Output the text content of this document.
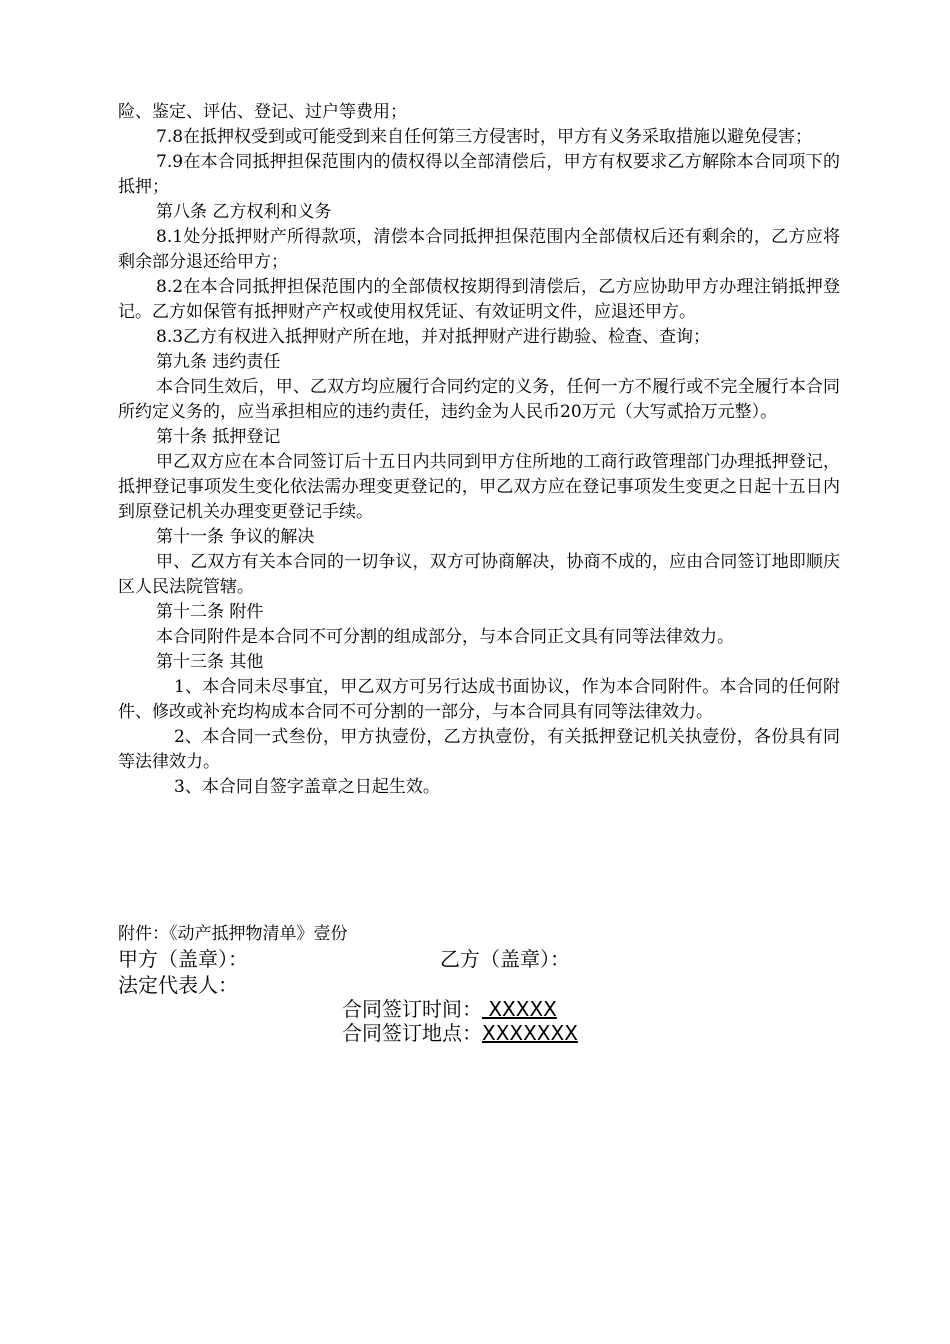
险、鉴定、评估、登记、过户等费用；

7.8在抵押权受到或可能受到来自任何第三方侵害时，甲方有义务采取措施以避免侵害；

7.9在本合同抵押担保范围内的债权得以全部清偿后，甲方有权要求乙方解除本合同项下的抵押；

第八条 乙方权利和义务

8.1处分抵押财产所得款项，清偿本合同抵押担保范围内全部债权后还有剩余的，乙方应将剩余部分退还给甲方；

8.2在本合同抵押担保范围内的全部债权按期得到清偿后，乙方应协助甲方办理注销抵押登记。乙方如保管有抵押财产产权或使用权凭证、有效证明文件，应退还甲方。

8.3乙方有权进入抵押财产所在地，并对抵押财产进行勘验、检查、查询；

第九条 违约责任

本合同生效后，甲、乙双方均应履行合同约定的义务，任何一方不履行或不完全履行本合同所约定义务的，应当承担相应的违约责任，违约金为人民币20万元（大写贰拾万元整）。

第十条 抵押登记

甲乙双方应在本合同签订后十五日内共同到甲方住所地的工商行政管理部门办理抵押登记，抵押登记事项发生变化依法需办理变更登记的，甲乙双方应在登记事项发生变更之日起十五日内到原登记机关办理变更登记手续。

第十一条 争议的解决

甲、乙双方有关本合同的一切争议，双方可协商解决，协商不成的，应由合同签订地即顺庆区人民法院管辖。

第十二条 附件

本合同附件是本合同不可分割的组成部分，与本合同正文具有同等法律效力。

第十三条 其他

1、本合同未尽事宜，甲乙双方可另行达成书面协议，作为本合同附件。本合同的任何附件、修改或补充均构成本合同不可分割的一部分，与本合同具有同等法律效力。

2、本合同一式叁份，甲方执壹份，乙方执壹份，有关抵押登记机关执壹份，各份具有同等法律效力。

3、本合同自签字盖章之日起生效。

附件：《动产抵押物清单》壹份
甲方（盖章）：	乙方（盖章）：
法定代表人：
合同签订时间： XXXXX
合同签订地点：XXXXXXX
